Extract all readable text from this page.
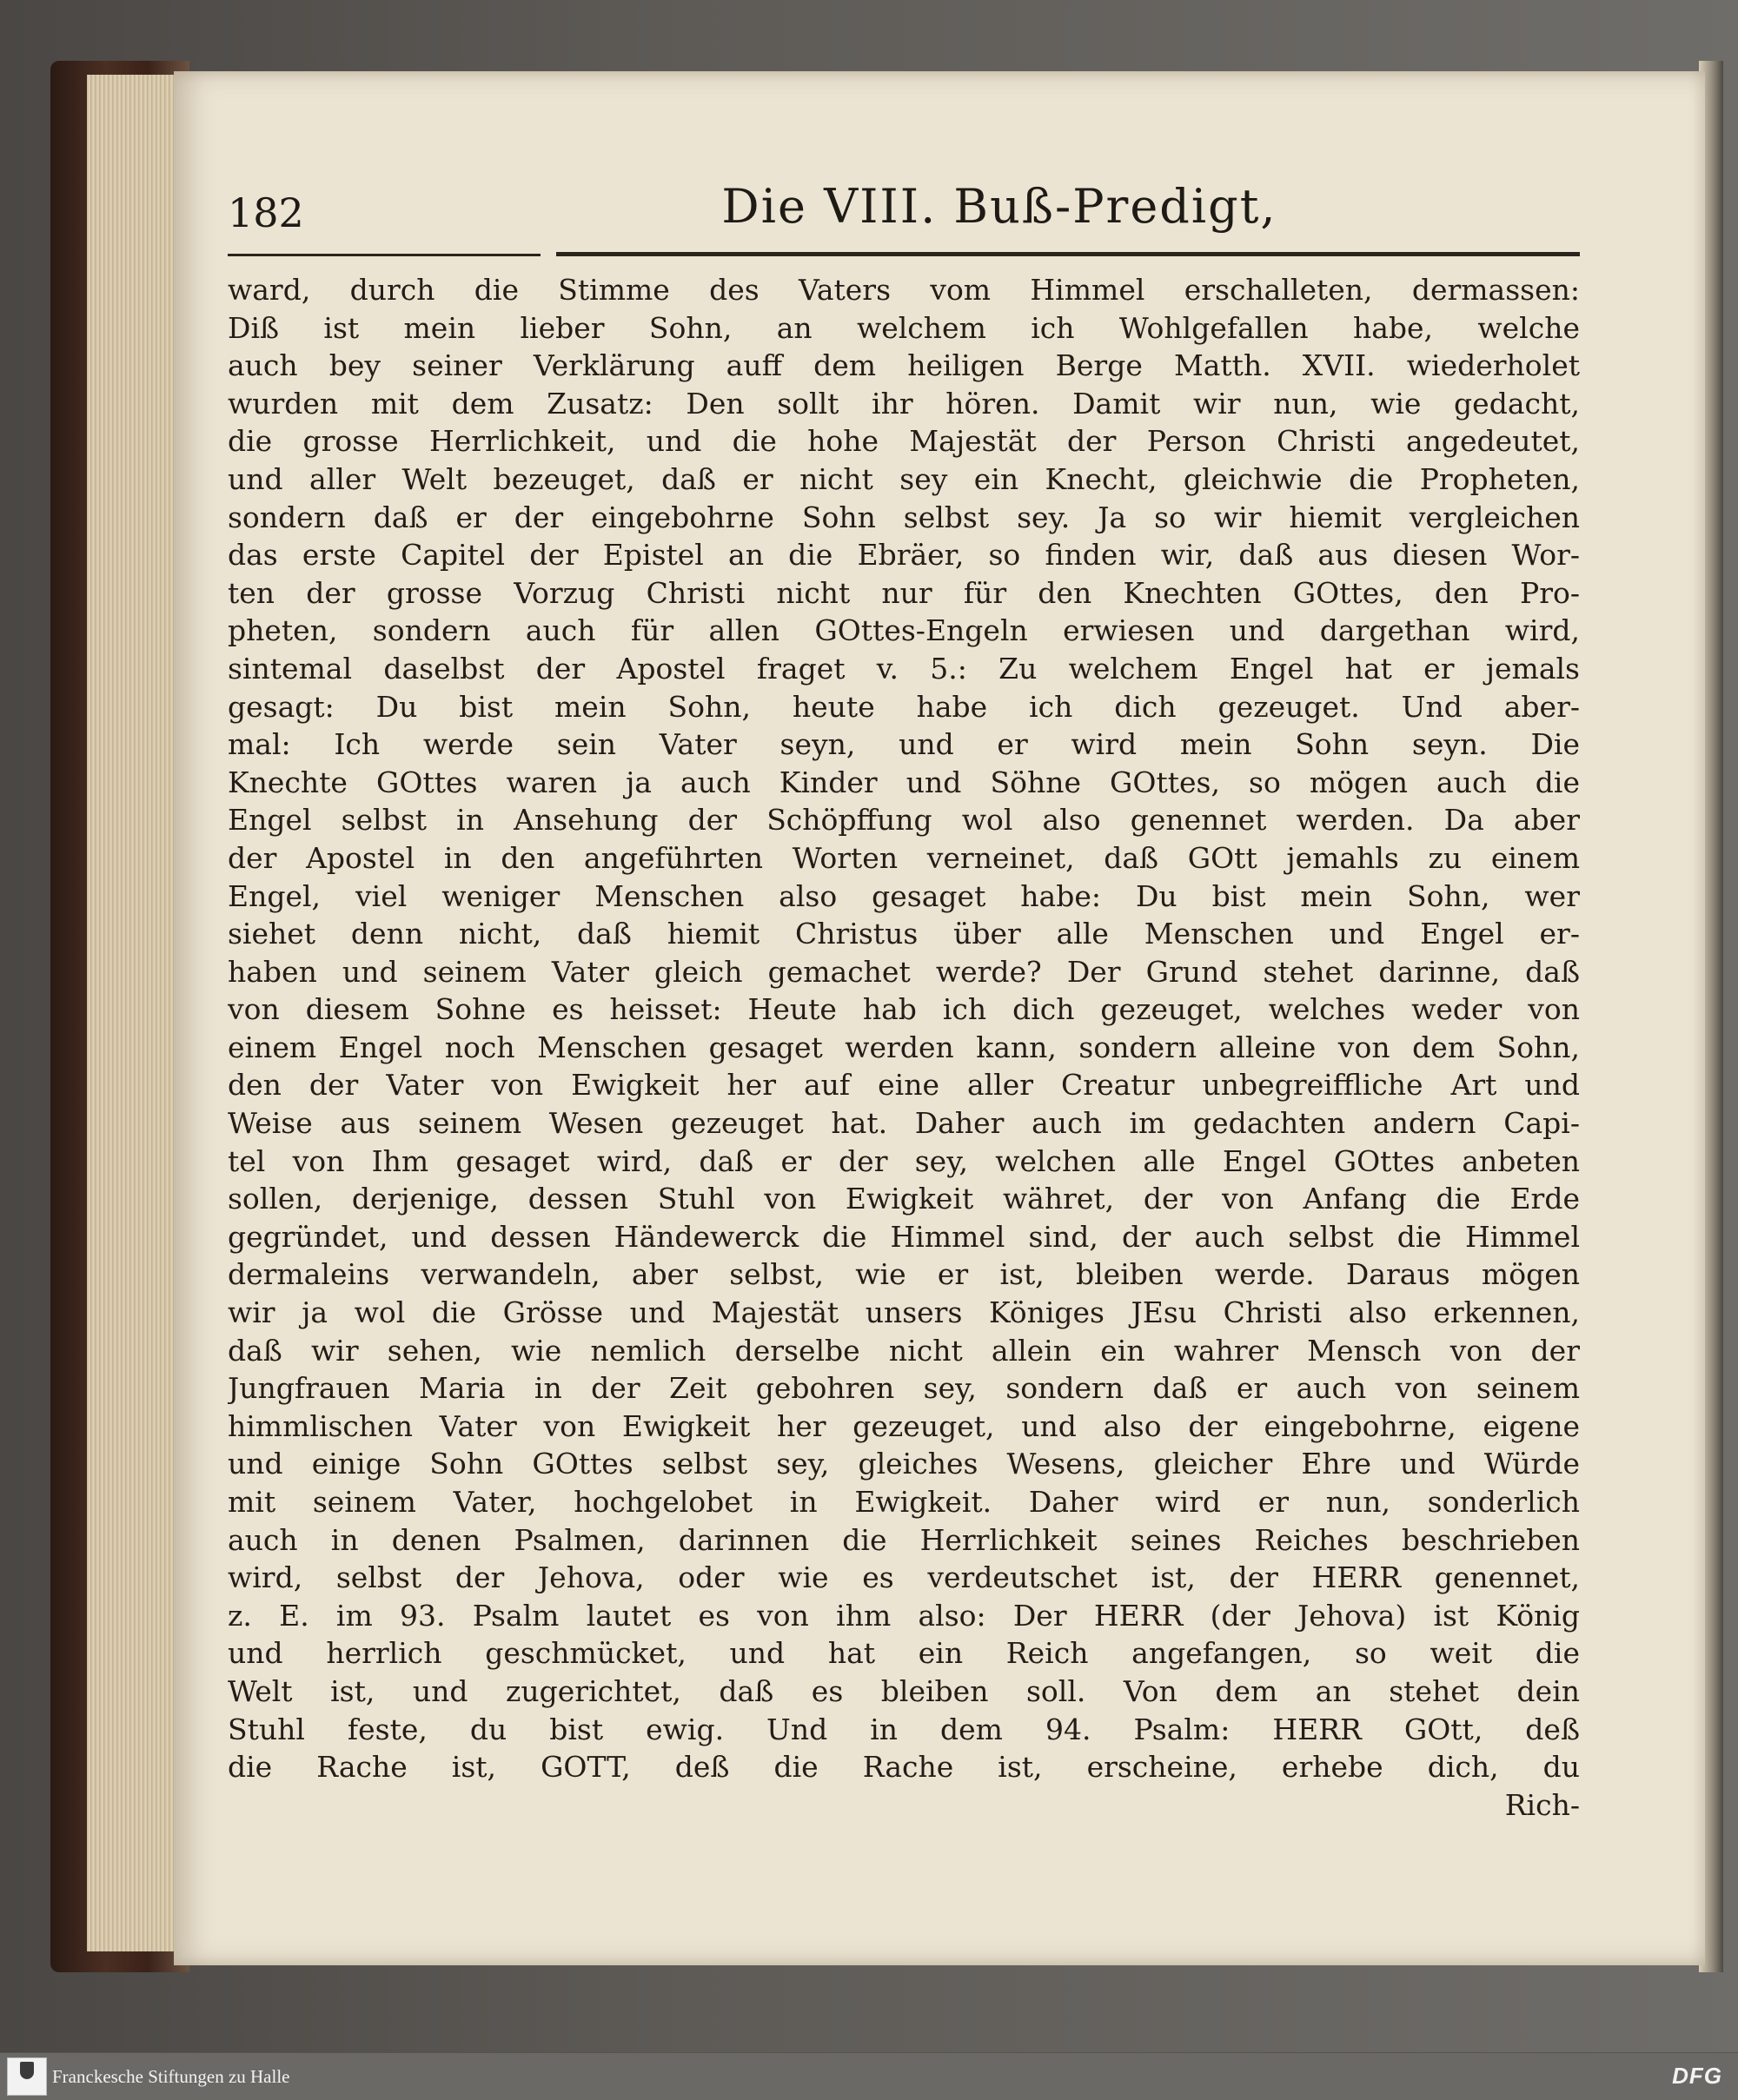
182	Die VIII. Buß-Predigt,
ward, durch die Stimme des Vaters vom Himmel erschalleten, dermassen:
Diß ist mein lieber Sohn, an welchem ich Wohlgefallen habe, welche
auch bey seiner Verklärung auff dem heiligen Berge Matth. XVII. wiederholet
wurden mit dem Zusatz: Den sollt ihr hören. Damit wir nun, wie gedacht,
die grosse Herrlichkeit, und die hohe Majestät der Person Christi angedeutet,
und aller Welt bezeuget, daß er nicht sey ein Knecht, gleichwie die Propheten,
sondern daß er der eingebohrne Sohn selbst sey. Ja so wir hiemit vergleichen
das erste Capitel der Epistel an die Ebräer, so finden wir, daß aus diesen Wor-
ten der grosse Vorzug Christi nicht nur für den Knechten GOttes, den Pro-
pheten, sondern auch für allen GOttes-Engeln erwiesen und dargethan wird,
sintemal daselbst der Apostel fraget v. 5.: Zu welchem Engel hat er jemals
gesagt: Du bist mein Sohn, heute habe ich dich gezeuget. Und aber-
mal: Ich werde sein Vater seyn, und er wird mein Sohn seyn. Die
Knechte GOttes waren ja auch Kinder und Söhne GOttes, so mögen auch die
Engel selbst in Ansehung der Schöpffung wol also genennet werden. Da aber
der Apostel in den angeführten Worten verneinet, daß GOtt jemahls zu einem
Engel, viel weniger Menschen also gesaget habe: Du bist mein Sohn, wer
siehet denn nicht, daß hiemit Christus über alle Menschen und Engel er-
haben und seinem Vater gleich gemachet werde? Der Grund stehet darinne, daß
von diesem Sohne es heisset: Heute hab ich dich gezeuget, welches weder von
einem Engel noch Menschen gesaget werden kann, sondern alleine von dem Sohn,
den der Vater von Ewigkeit her auf eine aller Creatur unbegreiffliche Art und
Weise aus seinem Wesen gezeuget hat. Daher auch im gedachten andern Capi-
tel von Ihm gesaget wird, daß er der sey, welchen alle Engel GOttes anbeten
sollen, derjenige, dessen Stuhl von Ewigkeit währet, der von Anfang die Erde
gegründet, und dessen Händewerck die Himmel sind, der auch selbst die Himmel
dermaleins verwandeln, aber selbst, wie er ist, bleiben werde. Daraus mögen
wir ja wol die Grösse und Majestät unsers Königes JEsu Christi also erkennen,
daß wir sehen, wie nemlich derselbe nicht allein ein wahrer Mensch von der
Jungfrauen Maria in der Zeit gebohren sey, sondern daß er auch von seinem
himmlischen Vater von Ewigkeit her gezeuget, und also der eingebohrne, eigene
und einige Sohn GOttes selbst sey, gleiches Wesens, gleicher Ehre und Würde
mit seinem Vater, hochgelobet in Ewigkeit. Daher wird er nun, sonderlich
auch in denen Psalmen, darinnen die Herrlichkeit seines Reiches beschrieben
wird, selbst der Jehova, oder wie es verdeutschet ist, der HERR genennet,
z. E. im 93. Psalm lautet es von ihm also: Der HERR (der Jehova) ist König
und herrlich geschmücket, und hat ein Reich angefangen, so weit die
Welt ist, und zugerichtet, daß es bleiben soll. Von dem an stehet dein
Stuhl feste, du bist ewig. Und in dem 94. Psalm: HERR GOtt, deß
die Rache ist, GOTT, deß die Rache ist, erscheine, erhebe dich, du
Rich-
Franckesche Stiftungen zu Halle	DFG
